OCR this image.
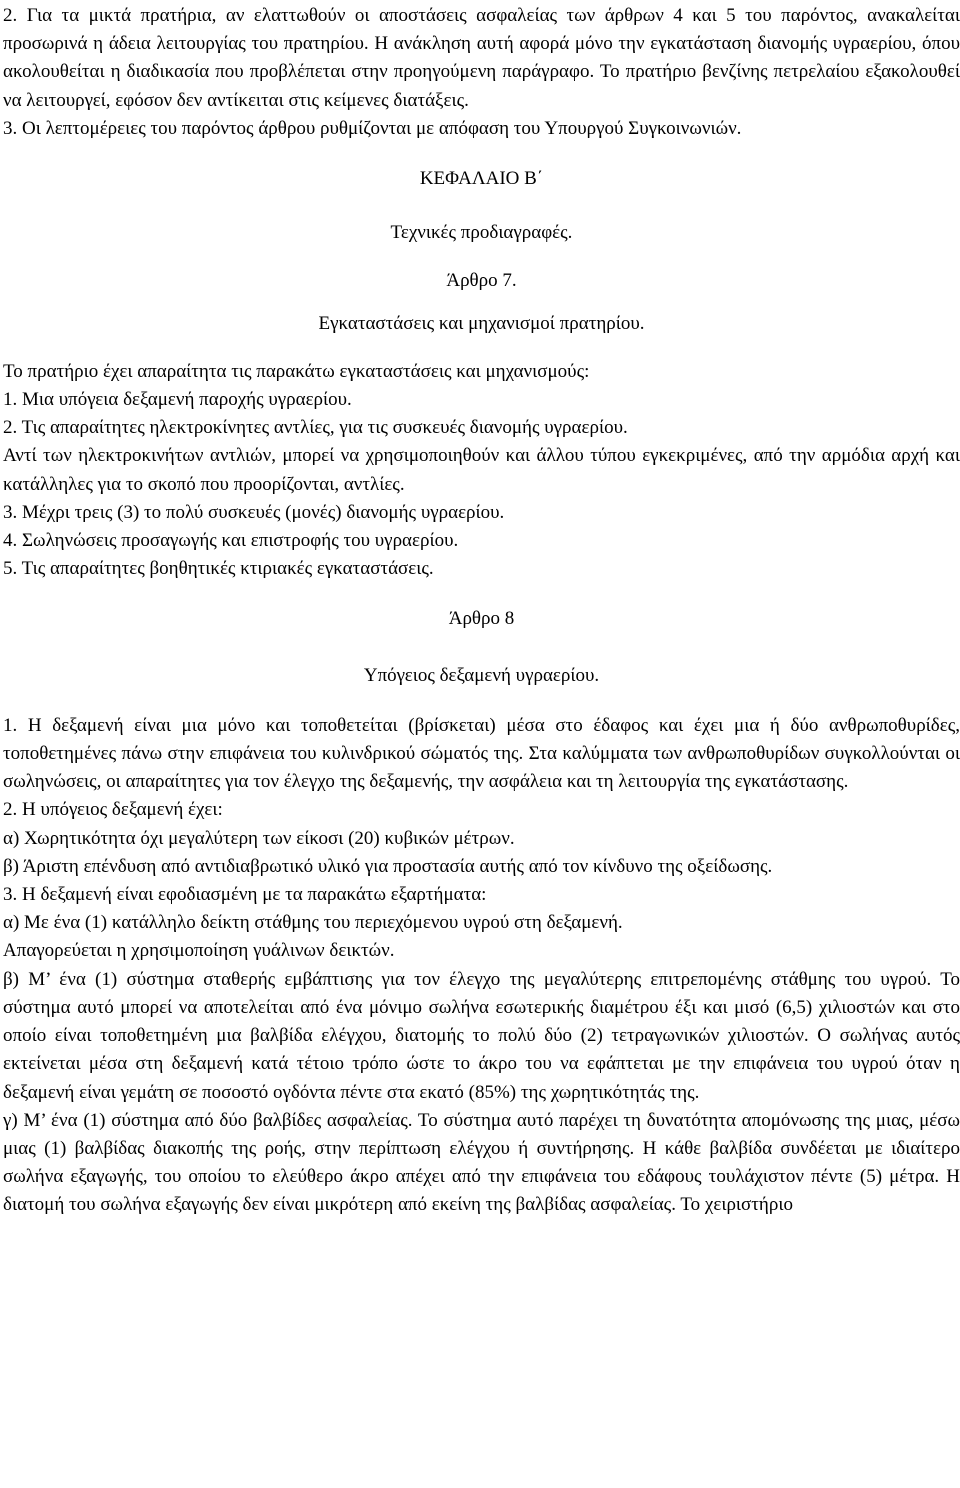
2. Για τα μικτά πρατήρια, αν ελαττωθούν οι αποστάσεις ασφαλείας των άρθρων 4 και 5 του παρόντος, ανακαλείται προσωρινά η άδεια λειτουργίας του πρατηρίου. Η ανάκληση αυτή αφορά μόνο την εγκατάσταση διανομής υγραερίου, όπου ακολουθείται η διαδικασία που προβλέπεται στην προηγούμενη παράγραφο. Το πρατήριο βενζίνης πετρελαίου εξακολουθεί να λειτουργεί, εφόσον δεν αντίκειται στις κείμενες διατάξεις.

3. Οι λεπτομέρειες του παρόντος άρθρου ρυθμίζονται με απόφαση του Υπουργού Συγκοινωνιών.

ΚΕΦΑΛΑΙΟ Β΄

Τεχνικές προδιαγραφές.

Άρθρο 7.

Εγκαταστάσεις και μηχανισμοί πρατηρίου.

Το πρατήριο έχει απαραίτητα τις παρακάτω εγκαταστάσεις και μηχανισμούς:

1. Μια υπόγεια δεξαμενή παροχής υγραερίου.

2. Τις απαραίτητες ηλεκτροκίνητες αντλίες, για τις συσκευές διανομής υγραερίου.

Αντί των ηλεκτροκινήτων αντλιών, μπορεί να χρησιμοποιηθούν και άλλου τύπου εγκεκριμένες, από την αρμόδια αρχή και κατάλληλες για το σκοπό που προορίζονται, αντλίες.

3. Μέχρι τρεις (3) το πολύ συσκευές (μονές) διανομής υγραερίου.

4. Σωληνώσεις προσαγωγής και επιστροφής του υγραερίου.

5. Τις απαραίτητες βοηθητικές κτιριακές εγκαταστάσεις.

Άρθρο 8

Υπόγειος δεξαμενή υγραερίου.

1. Η δεξαμενή είναι μια μόνο και τοποθετείται (βρίσκεται) μέσα στο έδαφος και έχει μια ή δύο ανθρωποθυρίδες, τοποθετημένες πάνω στην επιφάνεια του κυλινδρικού σώματός της. Στα καλύμματα των ανθρωποθυρίδων συγκολλούνται οι σωληνώσεις, οι απαραίτητες για τον έλεγχο της δεξαμενής, την ασφάλεια και τη λειτουργία της εγκατάστασης.

2. Η υπόγειος δεξαμενή έχει:

α) Χωρητικότητα όχι μεγαλύτερη των είκοσι (20) κυβικών μέτρων.

β) Άριστη επένδυση από αντιδιαβρωτικό υλικό για προστασία αυτής από τον κίνδυνο της οξείδωσης.

3. Η δεξαμενή είναι εφοδιασμένη με τα παρακάτω εξαρτήματα:

α) Με ένα (1) κατάλληλο δείκτη στάθμης του περιεχόμενου υγρού στη δεξαμενή.

Απαγορεύεται η χρησιμοποίηση γυάλινων δεικτών.

β) Μ’ ένα (1) σύστημα σταθερής εμβάπτισης για τον έλεγχο της μεγαλύτερης επιτρεπομένης στάθμης του υγρού. Το σύστημα αυτό μπορεί να αποτελείται από ένα μόνιμο σωλήνα εσωτερικής διαμέτρου έξι και μισό (6,5) χιλιοστών και στο οποίο είναι τοποθετημένη μια βαλβίδα ελέγχου, διατομής το πολύ δύο (2) τετραγωνικών χιλιοστών. Ο σωλήνας αυτός εκτείνεται μέσα στη δεξαμενή κατά τέτοιο τρόπο ώστε το άκρο του να εφάπτεται με την επιφάνεια του υγρού όταν η δεξαμενή είναι γεμάτη σε ποσοστό ογδόντα πέντε στα εκατό (85%) της χωρητικότητάς της.

γ) Μ’ ένα (1) σύστημα από δύο βαλβίδες ασφαλείας. Το σύστημα αυτό παρέχει τη δυνατότητα απομόνωσης της μιας, μέσω μιας (1) βαλβίδας διακοπής της ροής, στην περίπτωση ελέγχου ή συντήρησης. Η κάθε βαλβίδα συνδέεται με ιδιαίτερο σωλήνα εξαγωγής, του οποίου το ελεύθερο άκρο απέχει από την επιφάνεια του εδάφους τουλάχιστον πέντε (5) μέτρα. Η διατομή του σωλήνα εξαγωγής δεν είναι μικρότερη από εκείνη της βαλβίδας ασφαλείας. Το χειριστήριο
